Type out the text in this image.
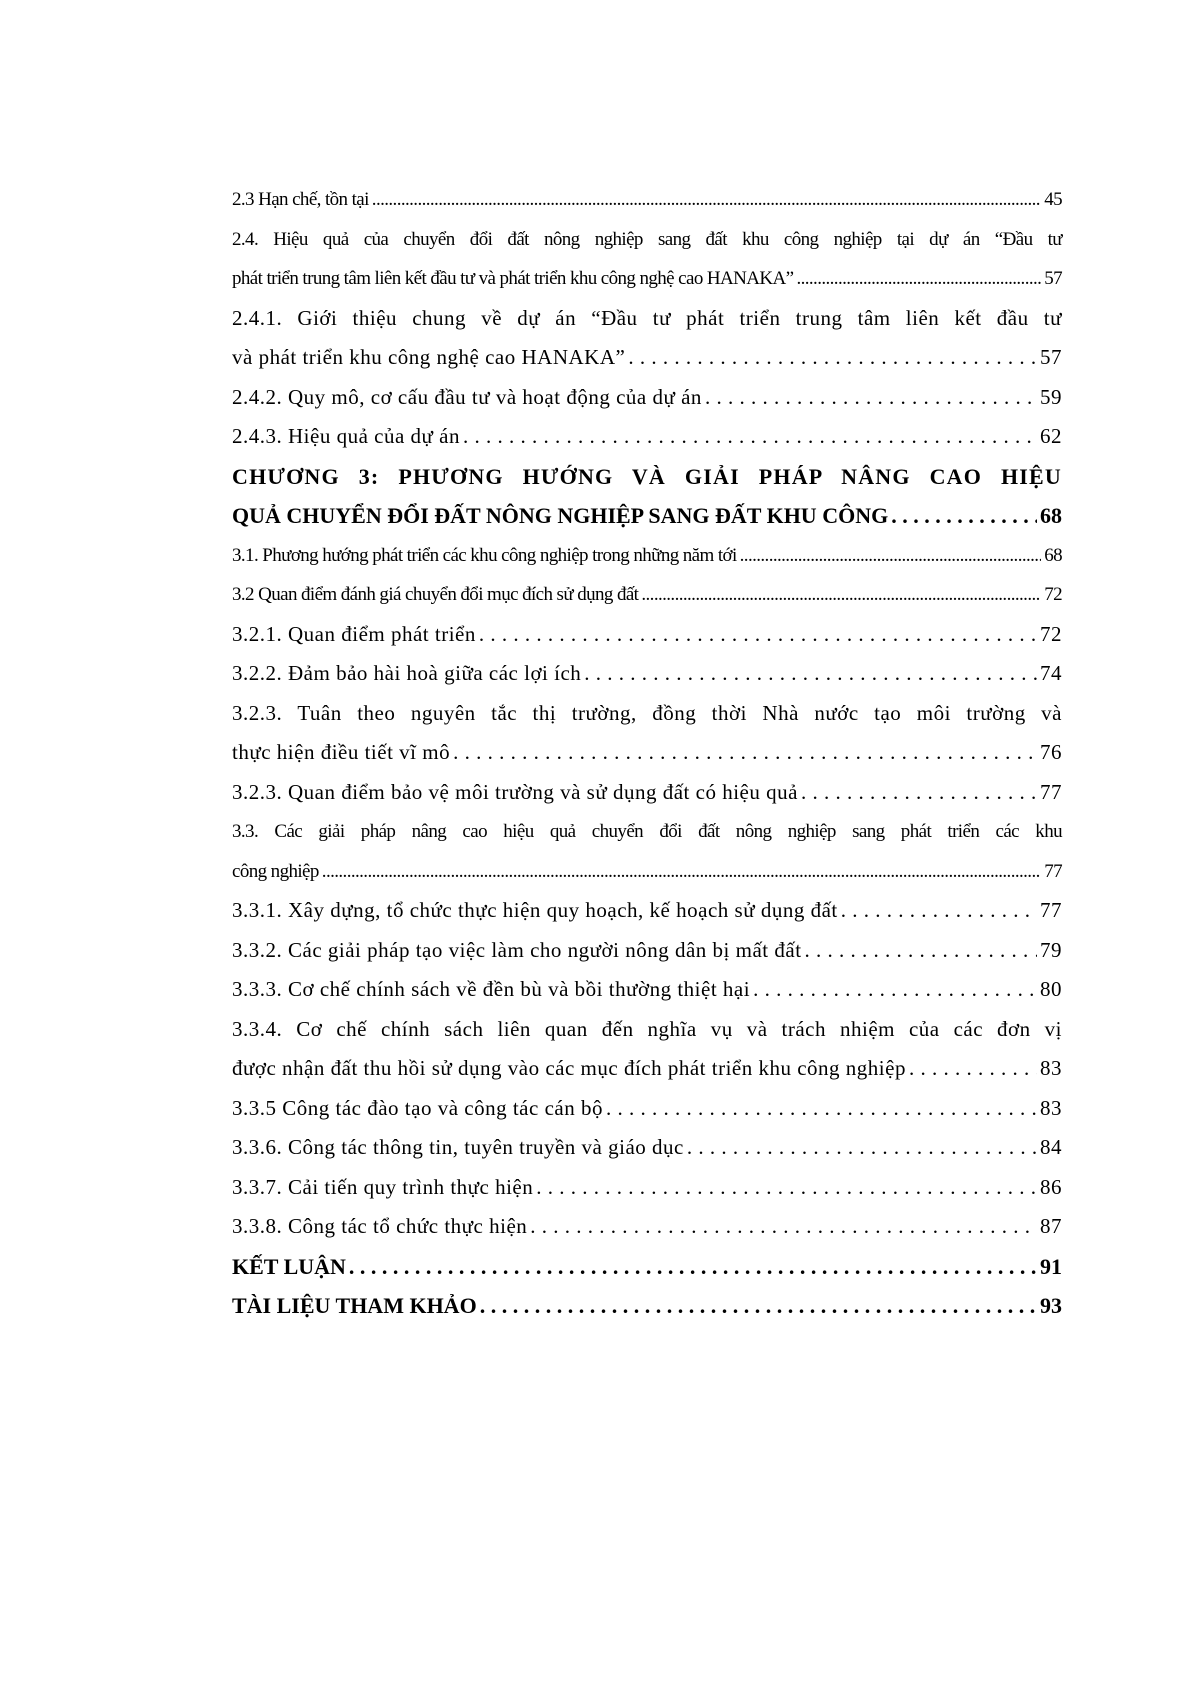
2.3 Hạn chế, tồn tại .....	45
2.4. Hiệu quả của chuyển đổi đất nông nghiệp sang đất khu công nghiệp tại dự án “Đầu tư
phát triển trung tâm liên kết đầu tư và phát triển khu công nghệ cao HANAKA” .....	57
2.4.1. Giới thiệu chung về dự án “Đầu tư phát triển trung tâm liên kết đầu tư
và phát triển khu công nghệ cao HANAKA” . . .	57
2.4.2. Quy mô, cơ cấu đầu tư và hoạt động của dự án . . .	59
2.4.3. Hiệu quả của dự án . . .	62
CHƯƠNG 3: PHƯƠNG HƯỚNG VÀ GIẢI PHÁP NÂNG CAO HIỆU
QUẢ CHUYỂN ĐỔI ĐẤT NÔNG NGHIỆP SANG ĐẤT KHU CÔNG . . .	68
3.1. Phương hướng phát triển các khu công nghiệp trong những năm tới .....	68
3.2 Quan điểm đánh giá chuyển đổi mục đích sử dụng đất .....	72
3.2.1. Quan điểm phát triển . . .	72
3.2.2. Đảm bảo hài hoà giữa các lợi ích . . .	74
3.2.3. Tuân theo nguyên tắc thị trường, đồng thời Nhà nước tạo môi trường và
thực hiện điều tiết vĩ mô . . .	76
3.2.3. Quan điểm bảo vệ môi trường và sử dụng đất có hiệu quả . . .	77
3.3. Các giải pháp nâng cao hiệu quả chuyển đổi đất nông nghiệp sang phát triển các khu
công nghiệp .....	77
3.3.1. Xây dựng, tổ chức thực hiện quy hoạch, kế hoạch sử dụng đất . . .	77
3.3.2. Các giải pháp tạo việc làm cho người nông dân bị mất đất . . .	79
3.3.3. Cơ chế chính sách về đền bù và bồi thường thiệt hại . . .	80
3.3.4. Cơ chế chính sách liên quan đến nghĩa vụ và trách nhiệm của các đơn vị
được nhận đất thu hồi sử dụng vào các mục đích phát triển khu công nghiệp . . .	83
3.3.5 Công tác đào tạo và công tác cán bộ . . .	83
3.3.6. Công tác thông tin, tuyên truyền và giáo dục . . .	84
3.3.7. Cải tiến quy trình thực hiện . . .	86
3.3.8. Công tác tổ chức thực hiện . . .	87
KẾT LUẬN . . .	91
TÀI LIỆU THAM KHẢO . . .	93
